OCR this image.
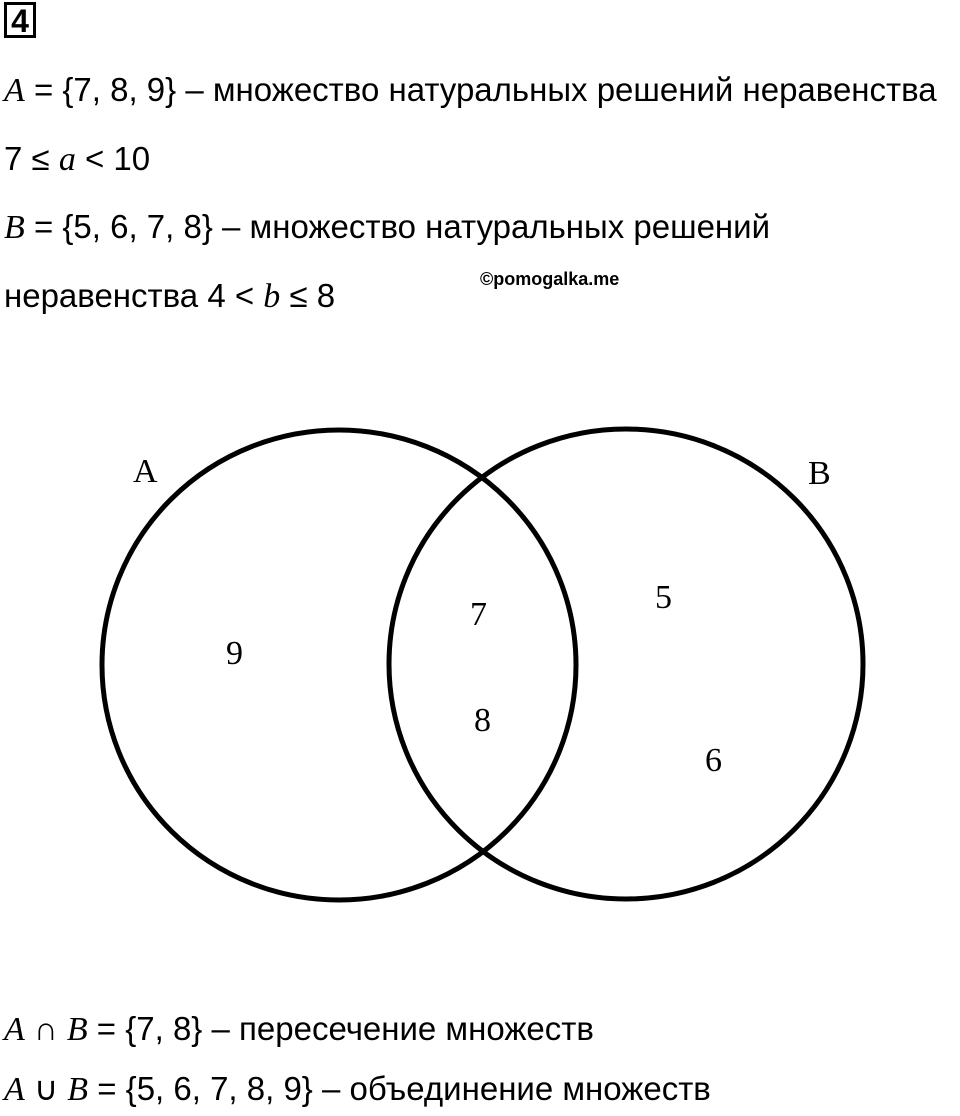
4
A = {7, 8, 9} – множество натуральных решений неравенства
7 ≤ a < 10
B = {5, 6, 7, 8} – множество натуральных решений
неравенства 4 < b ≤ 8	©pomogalka.me
A	B
9
7
8
5
6
A ∩ B = {7, 8} – пересечение множеств
A ∪ B = {5, 6, 7, 8, 9} – объединение множеств
